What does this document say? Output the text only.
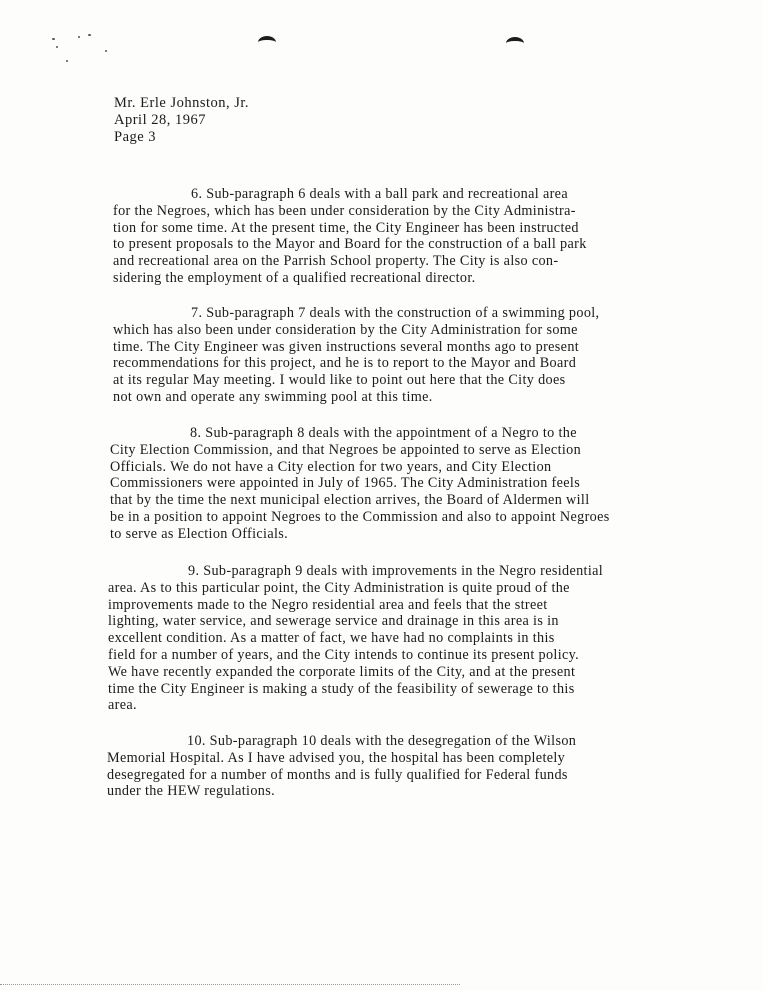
Mr. Erle Johnston, Jr.
April 28, 1967
Page 3

6. Sub-paragraph 6 deals with a ball park and recreational area
for the Negroes, which has been under consideration by the City Administra-
tion for some time. At the present time, the City Engineer has been instructed
to present proposals to the Mayor and Board for the construction of a ball park
and recreational area on the Parrish School property. The City is also con-
sidering the employment of a qualified recreational director.

7. Sub-paragraph 7 deals with the construction of a swimming pool,
which has also been under consideration by the City Administration for some
time. The City Engineer was given instructions several months ago to present
recommendations for this project, and he is to report to the Mayor and Board
at its regular May meeting. I would like to point out here that the City does
not own and operate any swimming pool at this time.

8. Sub-paragraph 8 deals with the appointment of a Negro to the
City Election Commission, and that Negroes be appointed to serve as Election
Officials. We do not have a City election for two years, and City Election
Commissioners were appointed in July of 1965. The City Administration feels
that by the time the next municipal election arrives, the Board of Aldermen will
be in a position to appoint Negroes to the Commission and also to appoint Negroes
to serve as Election Officials.

9. Sub-paragraph 9 deals with improvements in the Negro residential
area. As to this particular point, the City Administration is quite proud of the
improvements made to the Negro residential area and feels that the street
lighting, water service, and sewerage service and drainage in this area is in
excellent condition. As a matter of fact, we have had no complaints in this
field for a number of years, and the City intends to continue its present policy.
We have recently expanded the corporate limits of the City, and at the present
time the City Engineer is making a study of the feasibility of sewerage to this
area.

10. Sub-paragraph 10 deals with the desegregation of the Wilson
Memorial Hospital. As I have advised you, the hospital has been completely
desegregated for a number of months and is fully qualified for Federal funds
under the HEW regulations.
